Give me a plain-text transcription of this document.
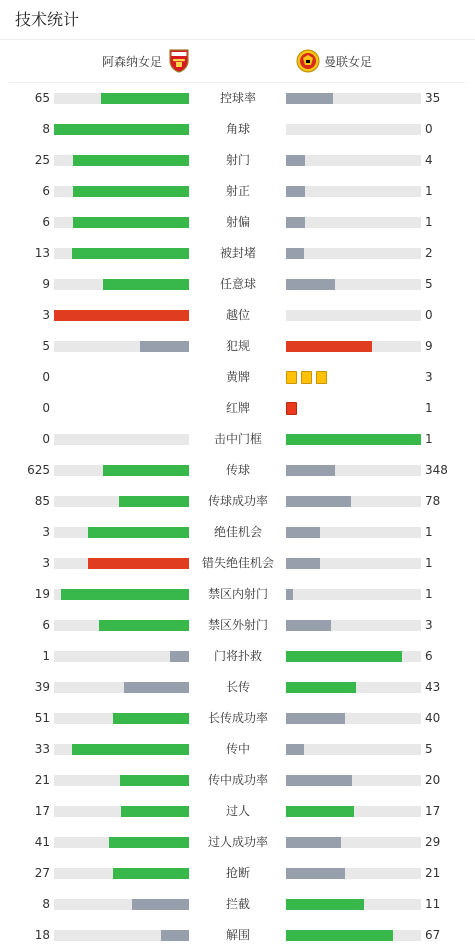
技术统计
阿森纳女足	曼联女足
65	控球率	35
8	角球	0
25	射门	4
6	射正	1
6	射偏	1
13	被封堵	2
9	任意球	5
3	越位	0
5	犯规	9
0	黄牌	3
0	红牌	1
0	击中门框	1
625	传球	348
85	传球成功率	78
3	绝佳机会	1
3	错失绝佳机会	1
19	禁区内射门	1
6	禁区外射门	3
1	门将扑救	6
39	长传	43
51	长传成功率	40
33	传中	5
21	传中成功率	20
17	过人	17
41	过人成功率	29
27	抢断	21
8	拦截	11
18	解围	67
